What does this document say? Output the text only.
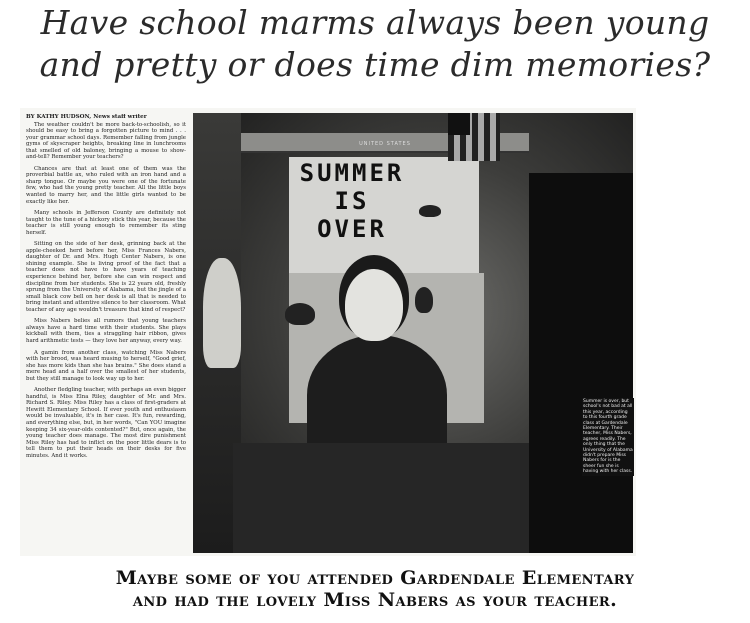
Have school marms always been young
and pretty or does time dim memories?
BY KATHY HUDSON, News staff writer

The weather couldn't be more back-to-schoolish, so it should be easy to bring a forgotten picture to mind . . . your grammar school days. Remember falling from jungle gyms of skyscraper heights, breaking line in lunchrooms that smelled of old baloney, bringing a mouse to show-and-tell? Remember your teachers?

Chances are that at least one of them was the proverbial battle ax, who ruled with an iron hand and a sharp tongue. Or maybe you were one of the fortunate few, who had the young pretty teacher. All the little boys wanted to marry her, and the little girls wanted to be exactly like her.

Many schools in Jefferson County are definitely not taught to the tune of a hickory stick this year, because the teacher is still young enough to remember its sting herself.

Sitting on the side of her desk, grinning back at the apple-cheeked herd before her, Miss Frances Nabers, daughter of Dr. and Mrs. Hugh Center Nabers, is one shining example. She is living proof of the fact that a teacher does not have to have years of teaching experience behind her, before she can win respect and discipline from her students. She is 22 years old, freshly sprung from the University of Alabama, but the jingle of a small black cow bell on her desk is all that is needed to bring instant and attentive silence to her classroom. What teacher of any age wouldn't treasure that kind of respect?

Miss Nabers belies all rumors that young teachers always have a hard time with their students. She plays kickball with them, ties a straggling hair ribbon, gives hard arithmetic tests — they love her anyway, every way.

A gamin from another class, watching Miss Nabers with her brood, was heard musing to herself, "Good grief, she has more kids than she has brains." She does stand a mere head and a half over the smallest of her students, but they still manage to look way up to her.

Another fledgling teacher, with perhaps an even bigger handful, is Miss Elna Riley, daughter of Mr. and Mrs. Richard S. Riley. Miss Riley has a class of first-graders at Hewitt Elementary School. If ever youth and enthusiasm would be invaluable, it's in her case. It's fun, rewarding, and everything else, but, in her words, "Can YOU imagine keeping 34 six-year-olds contented?" But, once again, the young teacher does manage. The most dire punishment Miss Riley has had to inflict on the poor little dears is to tell them to put their heads on their desks for five minutes. And it works.

UNITED STATES
SUMMER
IS
OVER
Summer is over, but school's not bad at all this year, according to this fourth grade class at Gardendale Elementary. Their teacher, Miss Nabers, agrees readily. The only thing that the University of Alabama didn't prepare Miss Nabers for is the sheer fun she is having with her class.
Maybe some of you attended Gardendale Elementary
and had the lovely Miss Nabers as your teacher.
